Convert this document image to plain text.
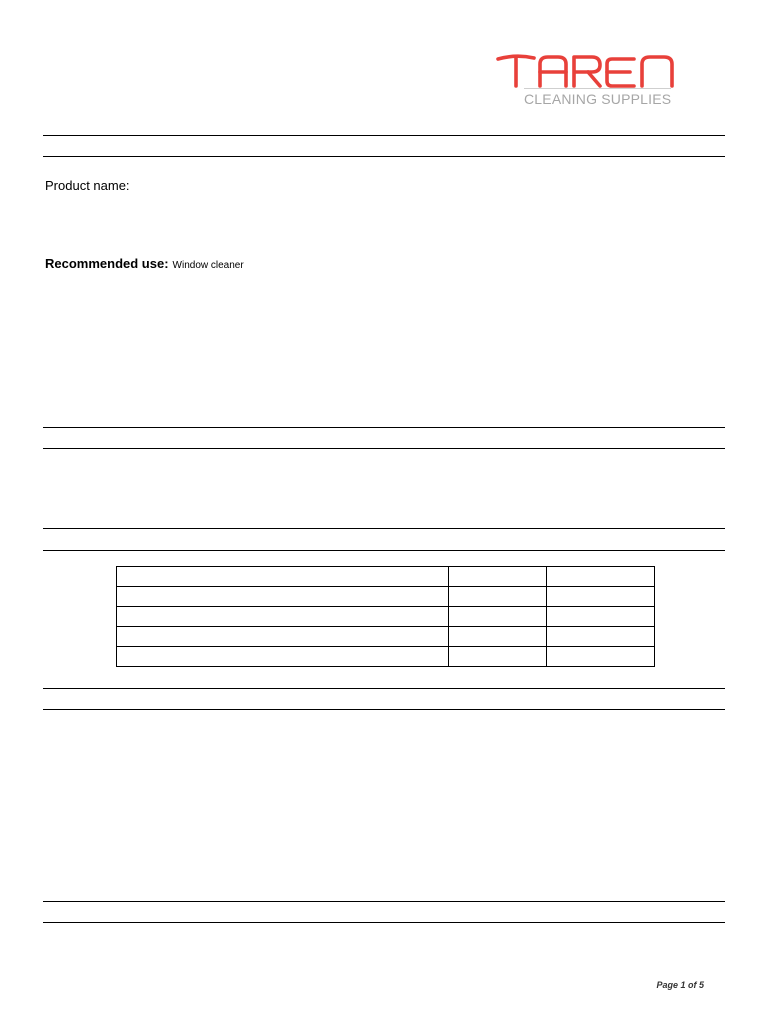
CLEANING SUPPLIES
Product name:
Recommended use: Window cleaner

Page 1 of 5
